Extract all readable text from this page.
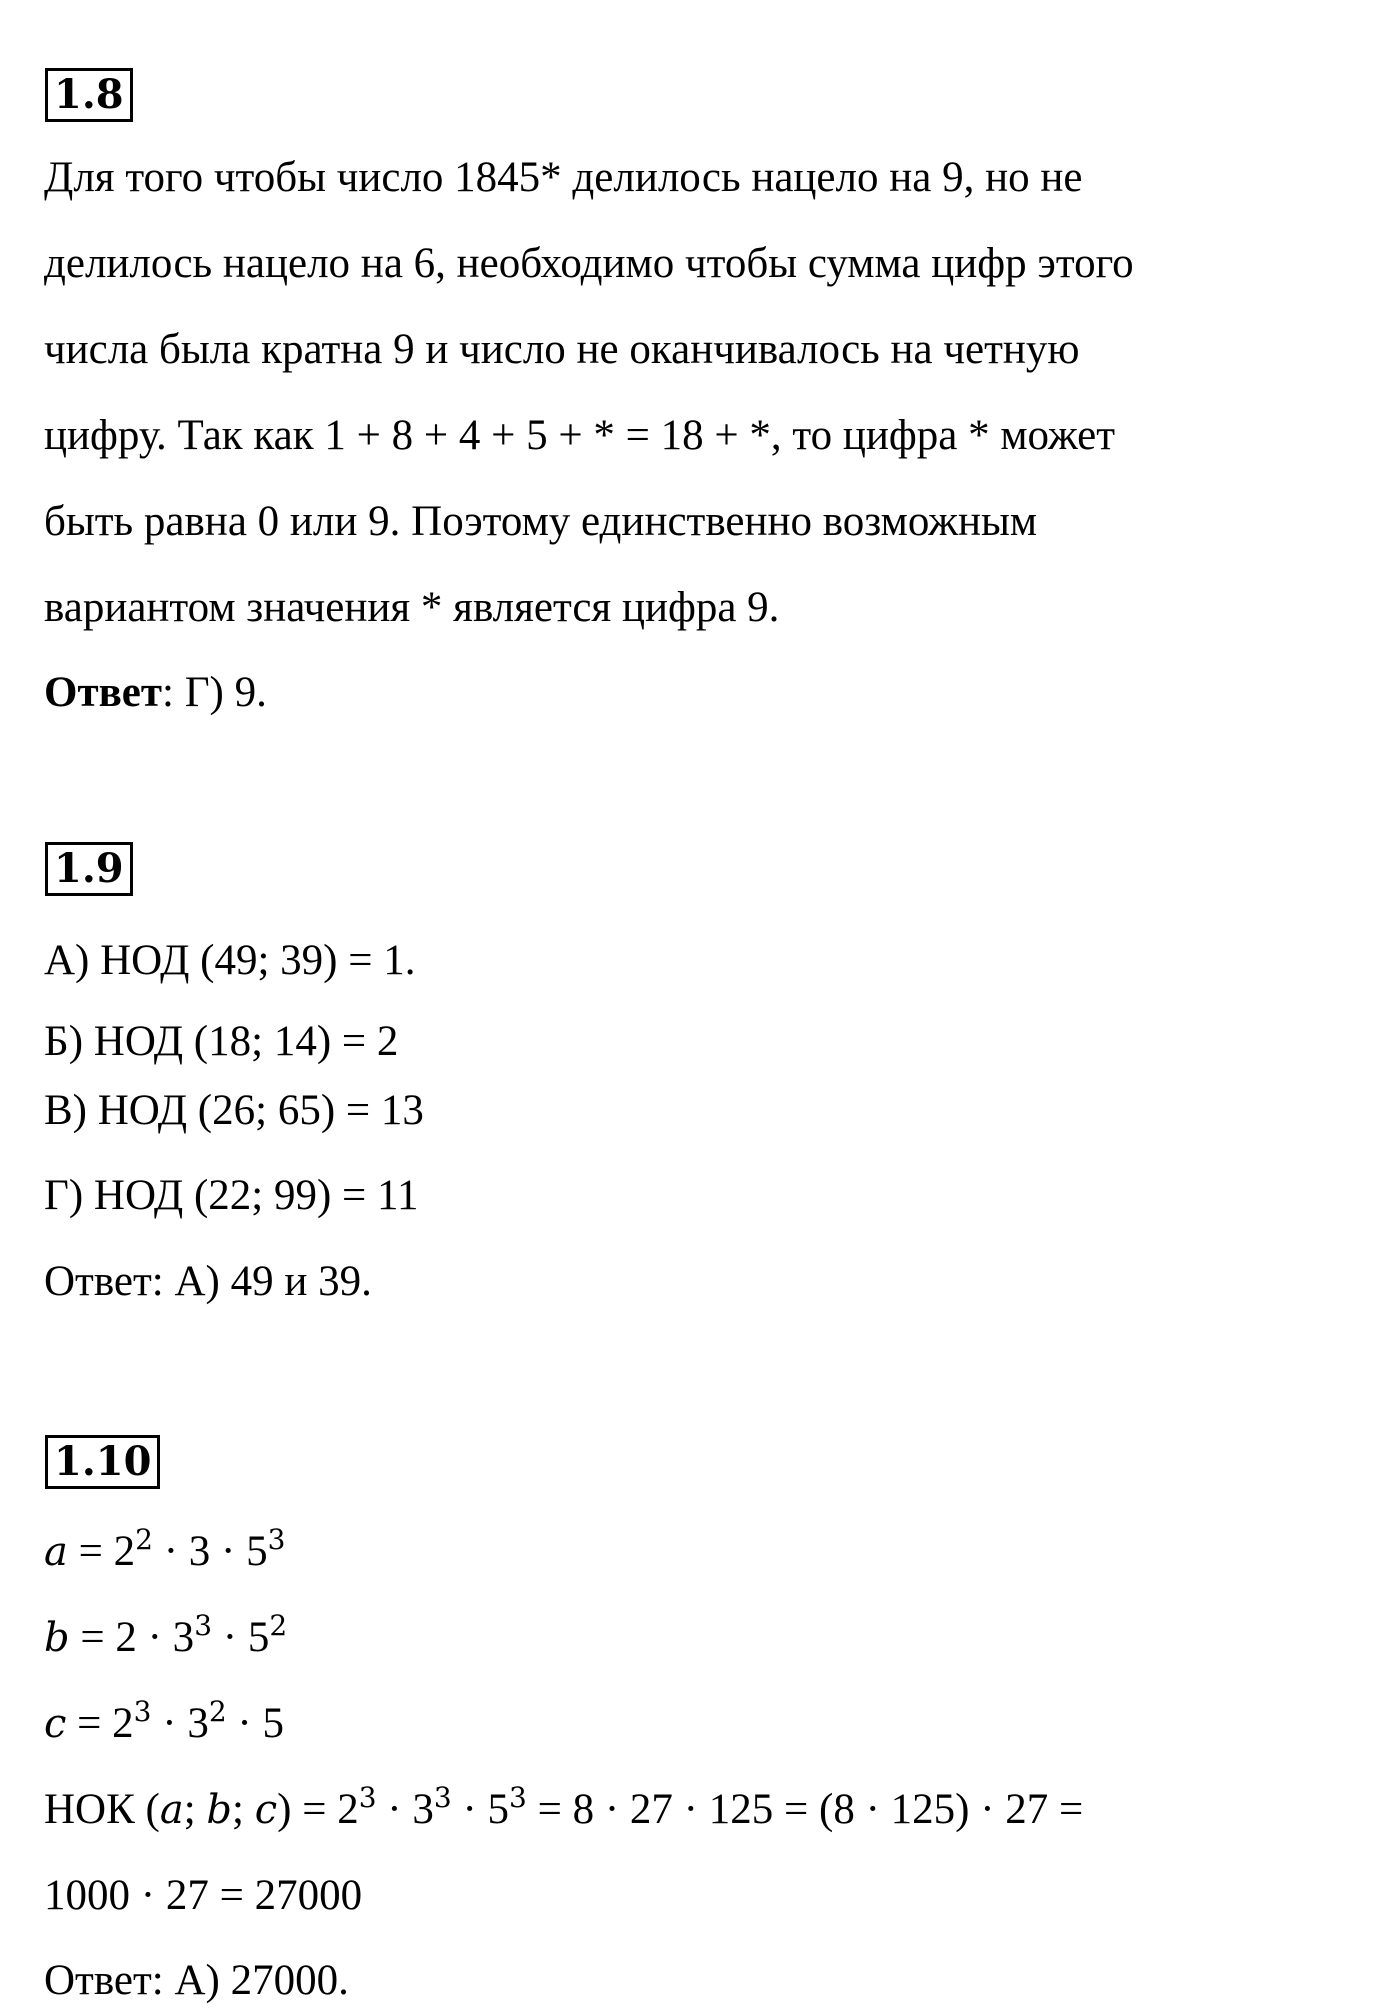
1.8
Для того чтобы число 1845* делилось нацело на 9, но не
делилось нацело на 6, необходимо чтобы сумма цифр этого
числа была кратна 9 и число не оканчивалось на четную
цифру. Так как 1 + 8 + 4 + 5 + * = 18 + *, то цифра * может
быть равна 0 или 9. Поэтому единственно возможным
вариантом значения * является цифра 9.
Ответ: Г) 9.
1.9
А) НОД (49; 39) = 1.
Б) НОД (18; 14) = 2
В) НОД (26; 65) = 13
Г) НОД (22; 99) = 11
Ответ: А) 49 и 39.
1.10
$a = 2^2 \cdot 3 \cdot 5^3$
$b = 2 \cdot 3^3 \cdot 5^2$
$c = 2^3 \cdot 3^2 \cdot 5$
НОК (a; b; $c) = 2^3 \cdot 3^3 \cdot 5^3 = 8 \cdot 27 \cdot 125 = (8 \cdot 125) \cdot 27$ =
1000 · 27 = 27000
Ответ: А) 27000.
